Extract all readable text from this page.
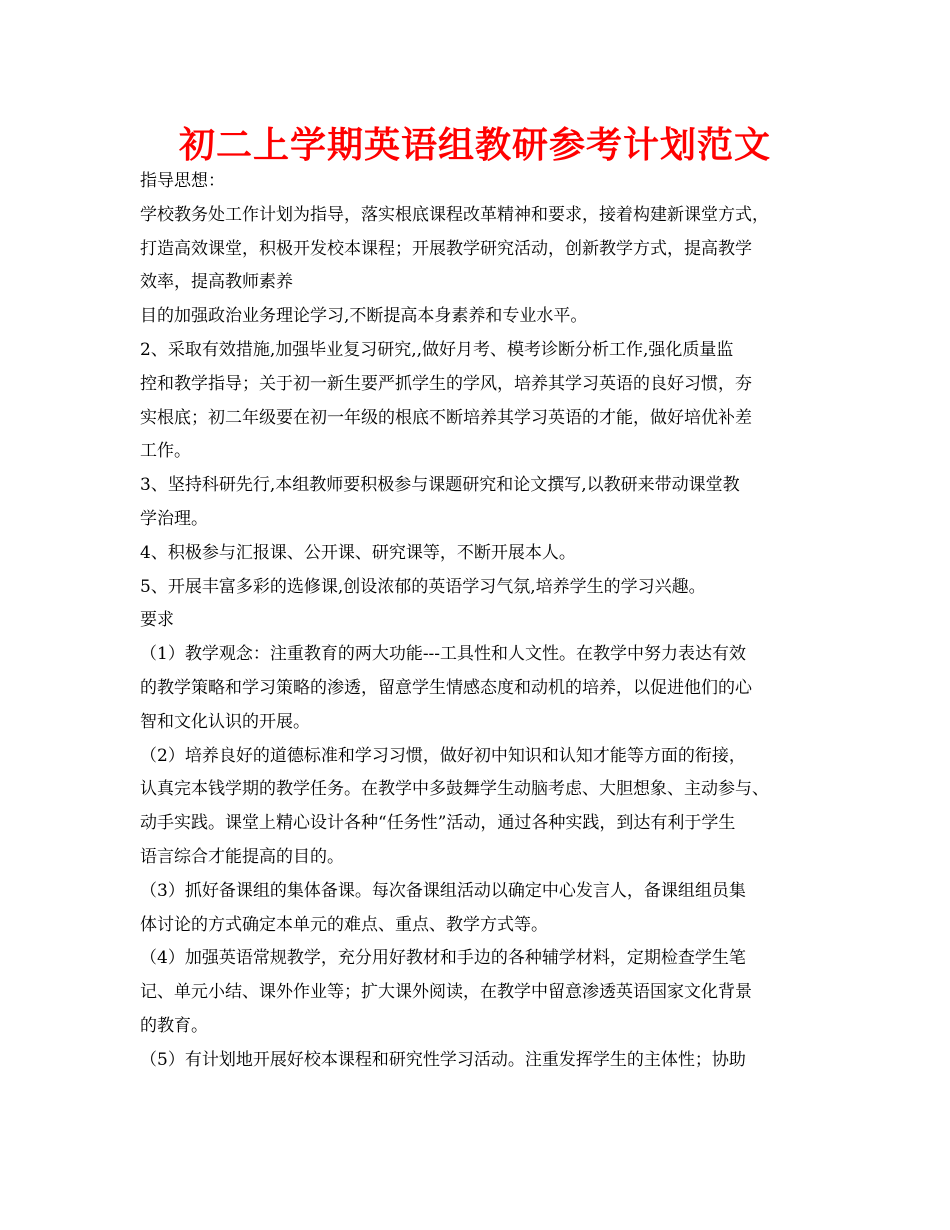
初二上学期英语组教研参考计划范文
指导思想：
学校教务处工作计划为指导，落实根底课程改革精神和要求，接着构建新课堂方式，
打造高效课堂，积极开发校本课程；开展教学研究活动，创新教学方式，提高教学
效率，提高教师素养
目的加强政治业务理论学习,不断提高本身素养和专业水平。
2、采取有效措施,加强毕业复习研究,,做好月考、模考诊断分析工作,强化质量监
控和教学指导；关于初一新生要严抓学生的学风，培养其学习英语的良好习惯，夯
实根底；初二年级要在初一年级的根底不断培养其学习英语的才能，做好培优补差
工作。
3、坚持科研先行,本组教师要积极参与课题研究和论文撰写,以教研来带动课堂教
学治理。
4、积极参与汇报课、公开课、研究课等，不断开展本人。
5、开展丰富多彩的选修课,创设浓郁的英语学习气氛,培养学生的学习兴趣。
要求
（1）教学观念：注重教育的两大功能---工具性和人文性。在教学中努力表达有效
的教学策略和学习策略的渗透，留意学生情感态度和动机的培养，以促进他们的心
智和文化认识的开展。
（2）培养良好的道德标准和学习习惯，做好初中知识和认知才能等方面的衔接，
认真完本钱学期的教学任务。在教学中多鼓舞学生动脑考虑、大胆想象、主动参与、
动手实践。课堂上精心设计各种“任务性”活动，通过各种实践，到达有利于学生
语言综合才能提高的目的。
（3）抓好备课组的集体备课。每次备课组活动以确定中心发言人，备课组组员集
体讨论的方式确定本单元的难点、重点、教学方式等。
（4）加强英语常规教学，充分用好教材和手边的各种辅学材料，定期检查学生笔
记、单元小结、课外作业等；扩大课外阅读，在教学中留意渗透英语国家文化背景
的教育。
（5）有计划地开展好校本课程和研究性学习活动。注重发挥学生的主体性；协助
